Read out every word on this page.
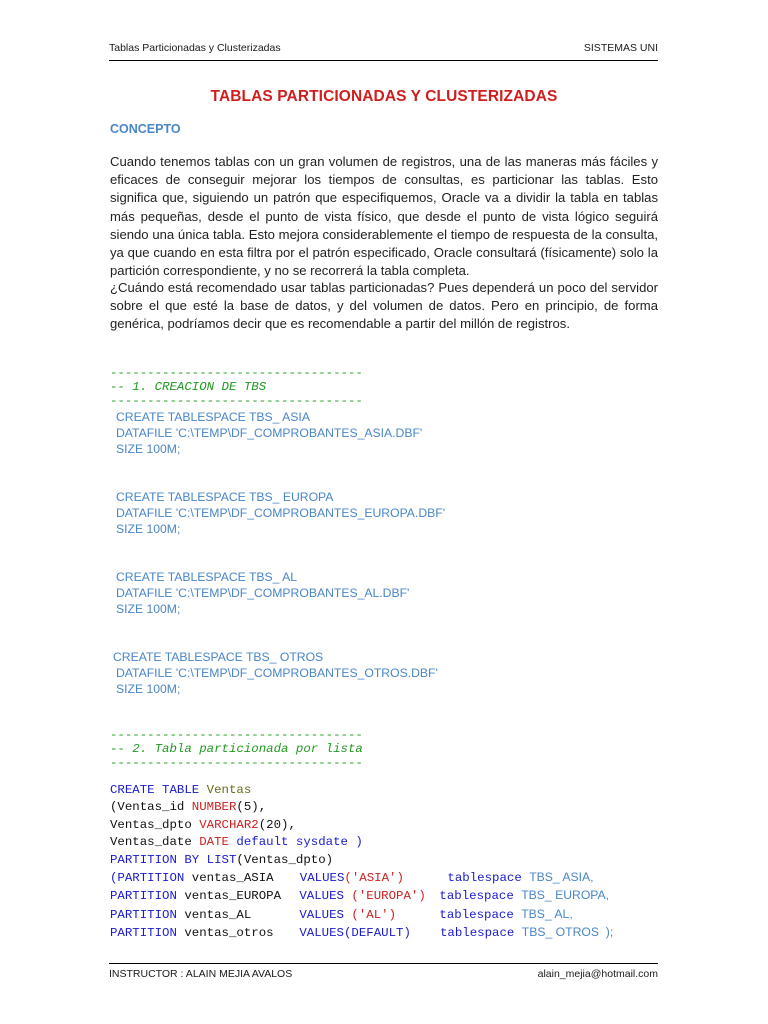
Tablas Particionadas y Clusterizadas	SISTEMAS UNI
TABLAS PARTICIONADAS Y CLUSTERIZADAS
CONCEPTO

Cuando tenemos tablas con un gran volumen de registros, una de las maneras más fáciles y eficaces de conseguir mejorar los tiempos de consultas, es particionar las tablas. Esto significa que, siguiendo un patrón que especifiquemos, Oracle va a dividir la tabla en tablas más pequeñas, desde el punto de vista físico, que desde el punto de vista lógico seguirá siendo una única tabla. Esto mejora considerablemente el tiempo de respuesta de la consulta, ya que cuando en esta filtra por el patrón especificado, Oracle consultará (físicamente) solo la partición correspondiente, y no se recorrerá la tabla completa.

¿Cuándo está recomendado usar tablas particionadas? Pues dependerá un poco del servidor sobre el que esté la base de datos, y del volumen de datos. Pero en principio, de forma genérica, podríamos decir que es recomendable a partir del millón de registros.

----------------------------------
-- 1. CREACION DE TBS
----------------------------------
CREATE TABLESPACE TBS_ ASIA
DATAFILE 'C:\TEMP\DF_COMPROBANTES_ASIA.DBF'
SIZE 100M;
CREATE TABLESPACE TBS_ EUROPA
DATAFILE 'C:\TEMP\DF_COMPROBANTES_EUROPA.DBF'
SIZE 100M;
CREATE TABLESPACE TBS_ AL
DATAFILE 'C:\TEMP\DF_COMPROBANTES_AL.DBF'
SIZE 100M;
CREATE TABLESPACE TBS_ OTROS
DATAFILE 'C:\TEMP\DF_COMPROBANTES_OTROS.DBF'
SIZE 100M;
----------------------------------
-- 2. Tabla particionada por lista
----------------------------------
CREATE TABLE Ventas
(Ventas_id NUMBER(5),
Ventas_dpto VARCHAR2(20),
Ventas_date DATE default sysdate )
PARTITION BY LIST(Ventas_dpto)
(PARTITION ventas_ASIA VALUES('ASIA')	tablespace TBS_ ASIA,
PARTITION ventas_EUROPA VALUES ('EUROPA') tablespace TBS_ EUROPA,
PARTITION ventas_AL	VALUES ('AL')	tablespace TBS_ AL,
PARTITION ventas_otros VALUES(DEFAULT) tablespace TBS_ OTROS  );
INSTRUCTOR : ALAIN MEJIA AVALOS	alain_mejia@hotmail.com
